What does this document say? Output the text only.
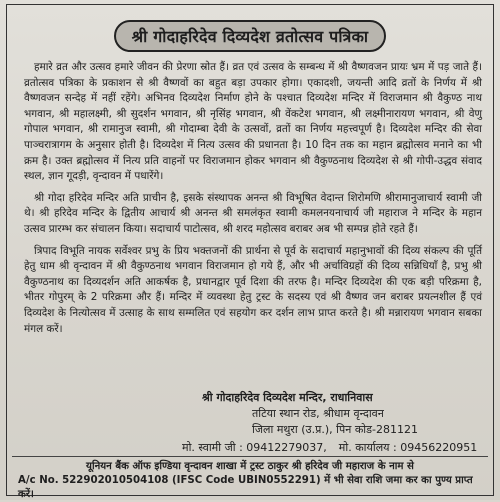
श्री गोदाहरिदेव दिव्यदेश व्रतोत्सव पत्रिका

हमारे व्रत और उत्सव हमारे जीवन की प्रेरणा स्रोत हैं। व्रत एवं उत्सव के सम्बन्ध में श्री वैष्णवजन प्रायः भ्रम में पड़ जाते हैं। व्रतोत्सव पत्रिका के प्रकाशन से श्री वैष्णवों का बहुत बड़ा उपकार होगा। एकादशी, जयन्ती आदि व्रतों के निर्णय में श्री वैष्णवजन सन्देह में नहीं रहेंगे। अभिनव दिव्यदेश निर्माण होने के पश्चात दिव्यदेश मन्दिर में विराजमान श्री वैकुण्ठ नाथ भगवान, श्री महालक्ष्मी, श्री सुदर्शन भगवान, श्री नृसिंह भगवान, श्री वेंकटेश भगवान, श्री लक्ष्मीनारायण भगवान, श्री वेणु गोपाल भगवान, श्री रामानुज स्वामी, श्री गोदाम्बा देवी के उत्सवों, व्रतों का निर्णय महत्त्वपूर्ण है। दिव्यदेश मन्दिर की सेवा पाञ्चरात्रागम के अनुसार होती है। दिव्यदेश में नित्य उत्सव की प्रधानता है। 10 दिन तक का महान ब्रह्मोत्सव मनाने का भी क्रम है। उक्त ब्रह्मोत्सव में नित्य प्रति वाहनों पर विराजमान होकर भगवान श्री वैकुण्ठनाथ दिव्यदेश से श्री गोपी-उद्धव संवाद स्थल, ज्ञान गूदड़ी, वृन्दावन में पधारेंगे।

श्री गोदा हरिदेव मन्दिर अति प्राचीन है, इसके संस्थापक अनन्त श्री विभूषित वेदान्त शिरोमणि श्रीरामानुजाचार्य स्वामी जी थे। श्री हरिदेव मन्दिर के द्वितीय आचार्य श्री अनन्त श्री समलंकृत स्वामी कमलनयनाचार्य जी महाराज ने मन्दिर के महान उत्सव प्रारम्भ कर संचालन किया। सदाचार्य पाटोत्सव, श्री शरद महोत्सव बराबर अब भी सम्पन्न होते रहते हैं।

त्रिपाद विभूति नायक सर्वेश्वर प्रभु के प्रिय भक्तजनों की प्रार्थना से पूर्व के सदाचार्य महानुभावों की दिव्य संकल्प की पूर्ति हेतु धाम श्री वृन्दावन में श्री वैकुण्ठनाथ भगवान विराजमान हो गये हैं, और भी अर्चाविग्रहों की दिव्य सन्निधियाँ है, प्रभु श्री वैकुण्ठनाथ का दिव्यदर्शन अति आकर्षक है, प्रधानद्वार पूर्व दिशा की तरफ है। मन्दिर दिव्यदेश की एक बड़ी परिक्रमा है, भीतर गोपुरम् के 2 परिक्रमा और हैं। मन्दिर में व्यवस्था हेतु ट्रस्ट के सदस्य एवं श्री वैष्णव जन बराबर प्रयत्नशील हैं एवं दिव्यदेश के नित्योत्सव में उत्साह के साथ सम्मलित एवं सहयोग कर दर्शन लाभ प्राप्त करते है। श्री मन्नारायण भगवान सबका मंगल करें।

श्री गोदाहरिदेव दिव्यदेश मन्दिर, राधानिवास
तटिया स्थान रोड, श्रीधाम वृन्दावन
जिला मथुरा (उ.प्र.), पिन कोड-281121
मो. स्वामी जी : 09412279037, मो. कार्यालय : 09456220951
यूनियन बैंक ऑफ इण्डिया वृन्दावन शाखा में ट्रस्ट ठाकुर श्री हरिदेव जी महाराज के नाम से
A/c No. 522902010504108 (IFSC Code UBIN0552291) में भी सेवा राशि जमा कर का पुण्य प्राप्त करें।
